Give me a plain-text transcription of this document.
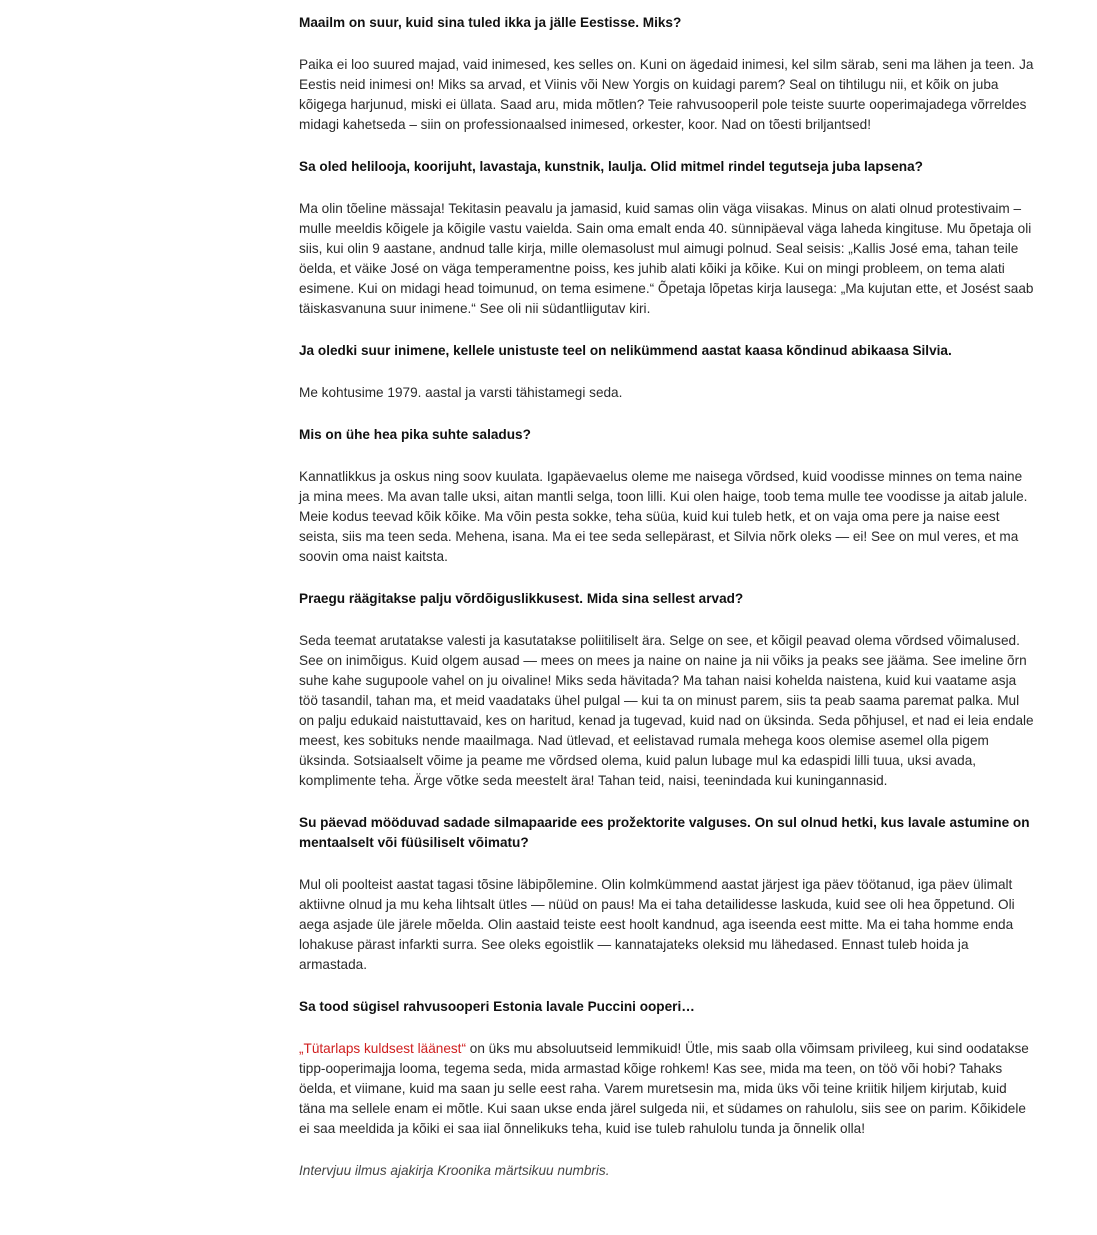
Maailm on suur, kuid sina tuled ikka ja jälle Eestisse. Miks?

Paika ei loo suured majad, vaid inimesed, kes selles on. Kuni on ägedaid inimesi, kel silm särab, seni ma lähen ja teen. Ja Eestis neid inimesi on! Miks sa arvad, et Viinis või New Yorgis on kuidagi parem? Seal on tihtilugu nii, et kõik on juba kõigega harjunud, miski ei üllata. Saad aru, mida mõtlen? Teie rahvusooperil pole teiste suurte ooperimajadega võrreldes midagi kahetseda – siin on professionaalsed inimesed, orkester, koor. Nad on tõesti briljantsed!

Sa oled helilooja, koorijuht, lavastaja, kunstnik, laulja. Olid mitmel rindel tegutseja juba lapsena?

Ma olin tõeline mässaja! Tekitasin peavalu ja jamasid, kuid samas olin väga viisakas. Minus on alati olnud protestivaim – mulle meeldis kõigele ja kõigile vastu vaielda. Sain oma emalt enda 40. sünnipäeval väga laheda kingituse. Mu õpetaja oli siis, kui olin 9 aastane, andnud talle kirja, mille olemasolust mul aimugi polnud. Seal seisis: „Kallis José ema, tahan teile öelda, et väike José on väga temperamentne poiss, kes juhib alati kõiki ja kõike. Kui on mingi probleem, on tema alati esimene. Kui on midagi head toimunud, on tema esimene.“ Õpetaja lõpetas kirja lausega: „Ma kujutan ette, et Josést saab täiskasvanuna suur inimene.“ See oli nii südantliigutav kiri.

Ja oledki suur inimene, kellele unistuste teel on nelikümmend aastat kaasa kõndinud abikaasa Silvia.

Me kohtusime 1979. aastal ja varsti tähistamegi seda.

Mis on ühe hea pika suhte saladus?

Kannatlikkus ja oskus ning soov kuulata. Igapäevaelus oleme me naisega võrdsed, kuid voodisse minnes on tema naine ja mina mees. Ma avan talle uksi, aitan mantli selga, toon lilli. Kui olen haige, toob tema mulle tee voodisse ja aitab jalule. Meie kodus teevad kõik kõike. Ma võin pesta sokke, teha süüa, kuid kui tuleb hetk, et on vaja oma pere ja naise eest seista, siis ma teen seda. Mehena, isana. Ma ei tee seda sellepärast, et Silvia nõrk oleks — ei! See on mul veres, et ma soovin oma naist kaitsta.

Praegu räägitakse palju võrdõiguslikkusest. Mida sina sellest arvad?

Seda teemat arutatakse valesti ja kasutatakse poliitiliselt ära. Selge on see, et kõigil peavad olema võrdsed võimalused. See on inimõigus. Kuid olgem ausad — mees on mees ja naine on naine ja nii võiks ja peaks see jääma. See imeline õrn suhe kahe sugupoole vahel on ju oivaline! Miks seda hävitada? Ma tahan naisi kohelda naistena, kuid kui vaatame asja töö tasandil, tahan ma, et meid vaadataks ühel pulgal — kui ta on minust parem, siis ta peab saama paremat palka. Mul on palju edukaid naistuttavaid, kes on haritud, kenad ja tugevad, kuid nad on üksinda. Seda põhjusel, et nad ei leia endale meest, kes sobituks nende maailmaga. Nad ütlevad, et eelistavad rumala mehega koos olemise asemel olla pigem üksinda. Sotsiaalselt võime ja peame me võrdsed olema, kuid palun lubage mul ka edaspidi lilli tuua, uksi avada, komplimente teha. Ärge võtke seda meestelt ära! Tahan teid, naisi, teenindada kui kuningannasid.

Su päevad mööduvad sadade silmapaaride ees prožektorite valguses. On sul olnud hetki, kus lavale astumine on mentaalselt või füüsiliselt võimatu?

Mul oli poolteist aastat tagasi tõsine läbipõlemine. Olin kolmkümmend aastat järjest iga päev töötanud, iga päev ülimalt aktiivne olnud ja mu keha lihtsalt ütles — nüüd on paus! Ma ei taha detailidesse laskuda, kuid see oli hea õppetund. Oli aega asjade üle järele mõelda. Olin aastaid teiste eest hoolt kandnud, aga iseenda eest mitte. Ma ei taha homme enda lohakuse pärast infarkti surra. See oleks egoistlik — kannatajateks oleksid mu lähedased. Ennast tuleb hoida ja armastada.

Sa tood sügisel rahvusooperi Estonia lavale Puccini ooperi…

„Tütarlaps kuldsest läänest“ on üks mu absoluutseid lemmikuid! Ütle, mis saab olla võimsam privileeg, kui sind oodatakse tipp-ooperimajja looma, tegema seda, mida armastad kõige rohkem! Kas see, mida ma teen, on töö või hobi? Tahaks öelda, et viimane, kuid ma saan ju selle eest raha. Varem muretsesin ma, mida üks või teine kriitik hiljem kirjutab, kuid täna ma sellele enam ei mõtle. Kui saan ukse enda järel sulgeda nii, et südames on rahulolu, siis see on parim. Kõikidele ei saa meeldida ja kõiki ei saa iial õnnelikuks teha, kuid ise tuleb rahulolu tunda ja õnnelik olla!

Intervjuu ilmus ajakirja Kroonika märtsikuu numbris.
